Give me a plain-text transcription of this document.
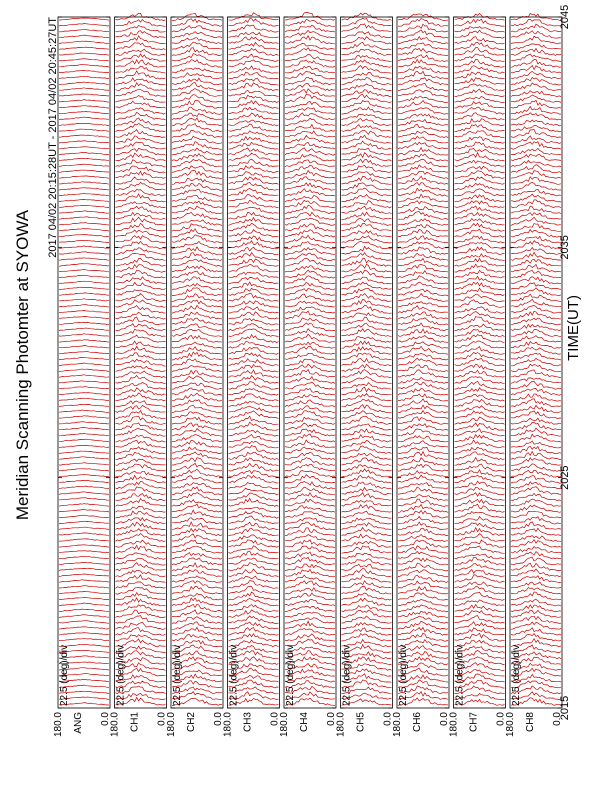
180.0	0.0
ANG
22.5 (deg)/div
180.0	0.0
CH1
22.5 (deg)/div
180.0	0.0
CH2
22.5 (deg)/div
180.0	0.0
CH3
22.5 (deg)/div
180.0	0.0
CH4
22.5 (deg)/div
180.0	0.0
CH5
22.5 (deg)/div
180.0	0.0
CH6
22.5 (deg)/div
180.0	0.0
CH7
22.5 (deg)/div
180.0	0.0
CH8
22.5 (deg)/div
2015
2025
2035
2045
TIME(UT)
Meridian Scanning Photomter at SYOWA
2017 04/02 20:15:28UT - 2017 04/02 20:45:27UT
